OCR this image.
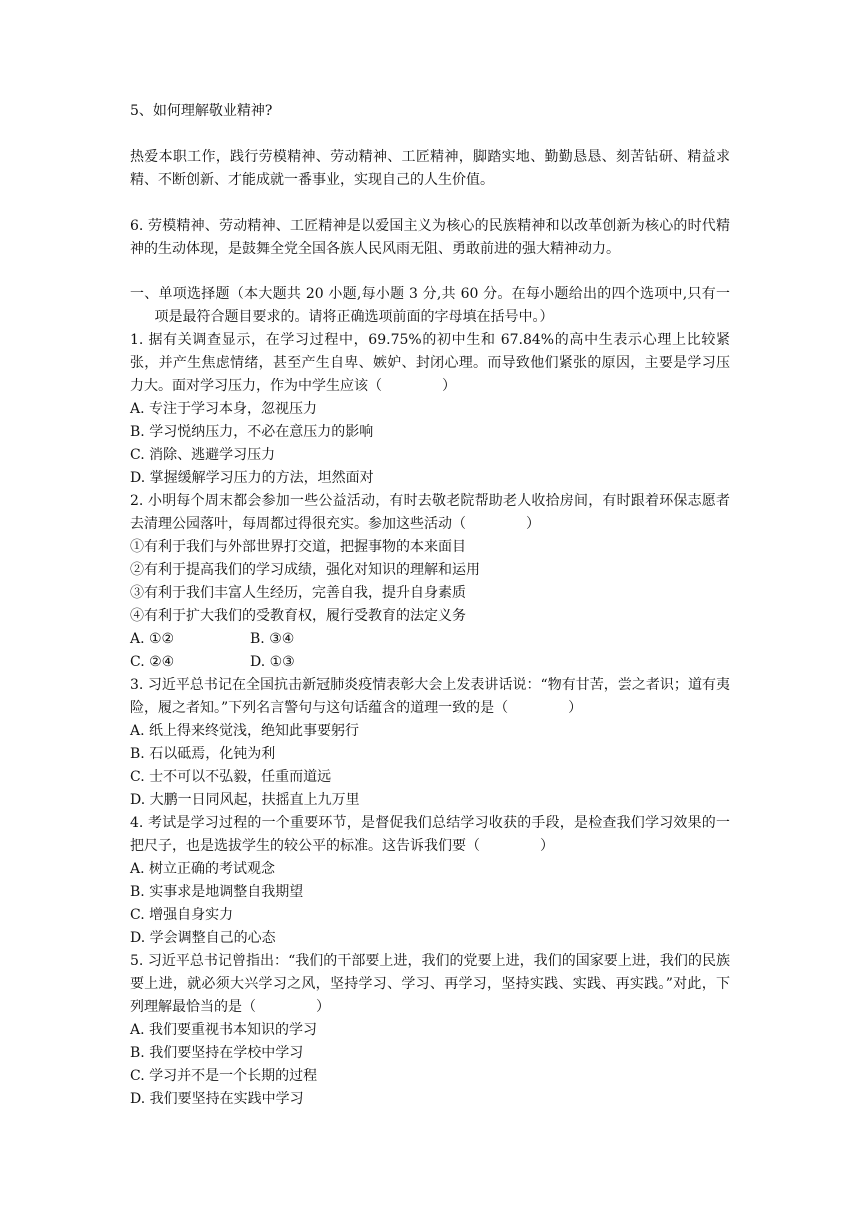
5、如何理解敬业精神?

热爱本职工作，践行劳模精神、劳动精神、工匠精神，脚踏实地、勤勤恳恳、刻苦钻研、精益求精、不断创新、才能成就一番事业，实现自己的人生价值。

6. 劳模精神、劳动精神、工匠精神是以爱国主义为核心的民族精神和以改革创新为核心的时代精神的生动体现，是鼓舞全党全国各族人民风雨无阻、勇敢前进的强大精神动力。

一、单项选择题（本大题共 20 小题,每小题 3 分,共 60 分。在每小题给出的四个选项中,只有一项是最符合题目要求的。请将正确选项前面的字母填在括号中。）

1. 据有关调查显示，在学习过程中，69.75%的初中生和 67.84%的高中生表示心理上比较紧张，并产生焦虑情绪，甚至产生自卑、嫉妒、封闭心理。而导致他们紧张的原因，主要是学习压力大。面对学习压力，作为中学生应该（	）

A. 专注于学习本身，忽视压力

B. 学习悦纳压力，不必在意压力的影响

C. 消除、逃避学习压力

D. 掌握缓解学习压力的方法，坦然面对

2. 小明每个周末都会参加一些公益活动，有时去敬老院帮助老人收拾房间，有时跟着环保志愿者去清理公园落叶，每周都过得很充实。参加这些活动（	）

①有利于我们与外部世界打交道，把握事物的本来面目

②有利于提高我们的学习成绩，强化对知识的理解和运用

③有利于我们丰富人生经历，完善自我，提升自身素质

④有利于扩大我们的受教育权，履行受教育的法定义务

A. ①②	B. ③④
C. ②④	D. ①③

3. 习近平总书记在全国抗击新冠肺炎疫情表彰大会上发表讲话说：“物有甘苦，尝之者识；道有夷险，履之者知。”下列名言警句与这句话蕴含的道理一致的是（	）

A. 纸上得来终觉浅，绝知此事要躬行

B. 石以砥焉，化钝为利

C. 士不可以不弘毅，任重而道远

D. 大鹏一日同风起，扶摇直上九万里

4. 考试是学习过程的一个重要环节，是督促我们总结学习收获的手段，是检查我们学习效果的一把尺子，也是选拔学生的较公平的标准。这告诉我们要（	）

A. 树立正确的考试观念

B. 实事求是地调整自我期望

C. 增强自身实力

D. 学会调整自己的心态

5. 习近平总书记曾指出：“我们的干部要上进，我们的党要上进，我们的国家要上进，我们的民族要上进，就必须大兴学习之风，坚持学习、学习、再学习，坚持实践、实践、再实践。”对此，下列理解最恰当的是（	）

A. 我们要重视书本知识的学习

B. 我们要坚持在学校中学习

C. 学习并不是一个长期的过程

D. 我们要坚持在实践中学习
